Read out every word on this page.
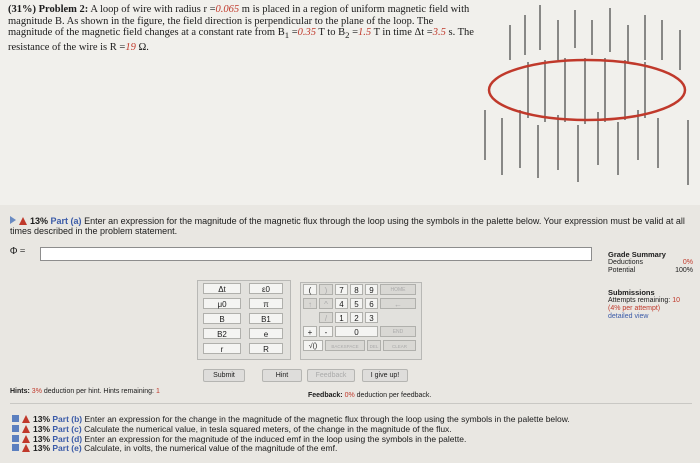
(31%) Problem 2: A loop of wire with radius r =0.065 m is placed in a region of uniform magnetic field with magnitude B. As shown in the figure, the field direction is perpendicular to the plane of the loop. The magnitude of the magnetic field changes at a constant rate from $B_1 =0.35$ T to $B_2 =1.5$ T in time Δt =3.5 s. The resistance of the wire is R =19 Ω.
13% Part (a) Enter an expression for the magnitude of the magnetic flux through the loop using the symbols in the palette below. Your expression must be valid at all times described in the problem statement.
Φ =	Grade Summary
Deductions	0%
Potential	100%
Submissions
Attempts remaining: 10
(4% per attempt)
detailed view
Δt	ε0
μ0	π
B	B1
B2	e
r	R
(	)	7	8	9	HOME
↑	^	4	5	6	←
/	1	2	3
+	-	0	END
√()	BACKSPACE	DEL	CLEAR
Submit	Hint	Feedback	I give up!
Hints: 3% deduction per hint. Hints remaining: 1
Feedback: 0% deduction per feedback.
13% Part (b) Enter an expression for the change in the magnitude of the magnetic flux through the loop using the symbols in the palette below.
13% Part (c) Calculate the numerical value, in tesla squared meters, of the change in the magnitude of the flux.
13% Part (d) Enter an expression for the magnitude of the induced emf in the loop using the symbols in the palette.
13% Part (e) Calculate, in volts, the numerical value of the magnitude of the emf.
